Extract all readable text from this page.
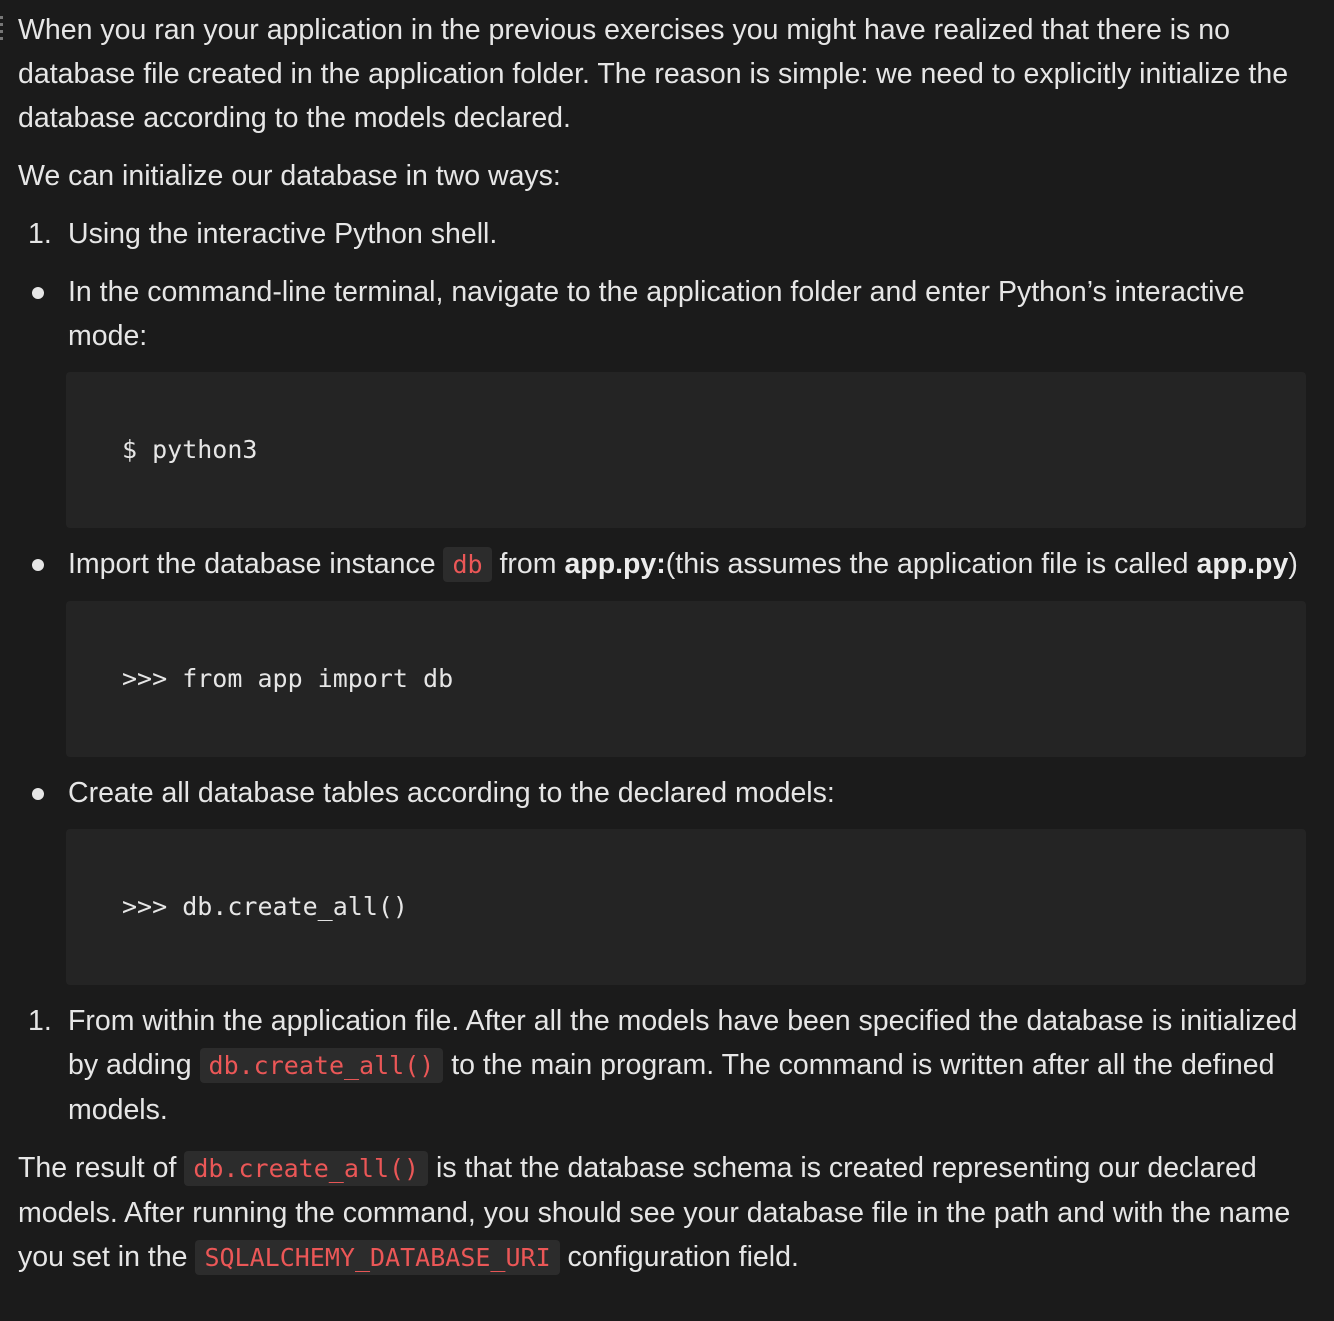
When you ran your application in the previous exercises you might have realized that there is no database file created in the application folder. The reason is simple: we need to explicitly initialize the database according to the models declared.

We can initialize our database in two ways:

1. Using the interactive Python shell.
In the command-line terminal, navigate to the application folder and enter Python’s interactive mode:
$ python3
Import the database instance db from app.py:(this assumes the application file is called app.py)
>>> from app import db
Create all database tables according to the declared models:
>>> db.create_all()
1. From within the application file. After all the models have been specified the database is initialized by adding db.create_all() to the main program. The command is written after all the defined models.

The result of db.create_all() is that the database schema is created representing our declared models. After running the command, you should see your database file in the path and with the name you set in the SQLALCHEMY_DATABASE_URI configuration field.
